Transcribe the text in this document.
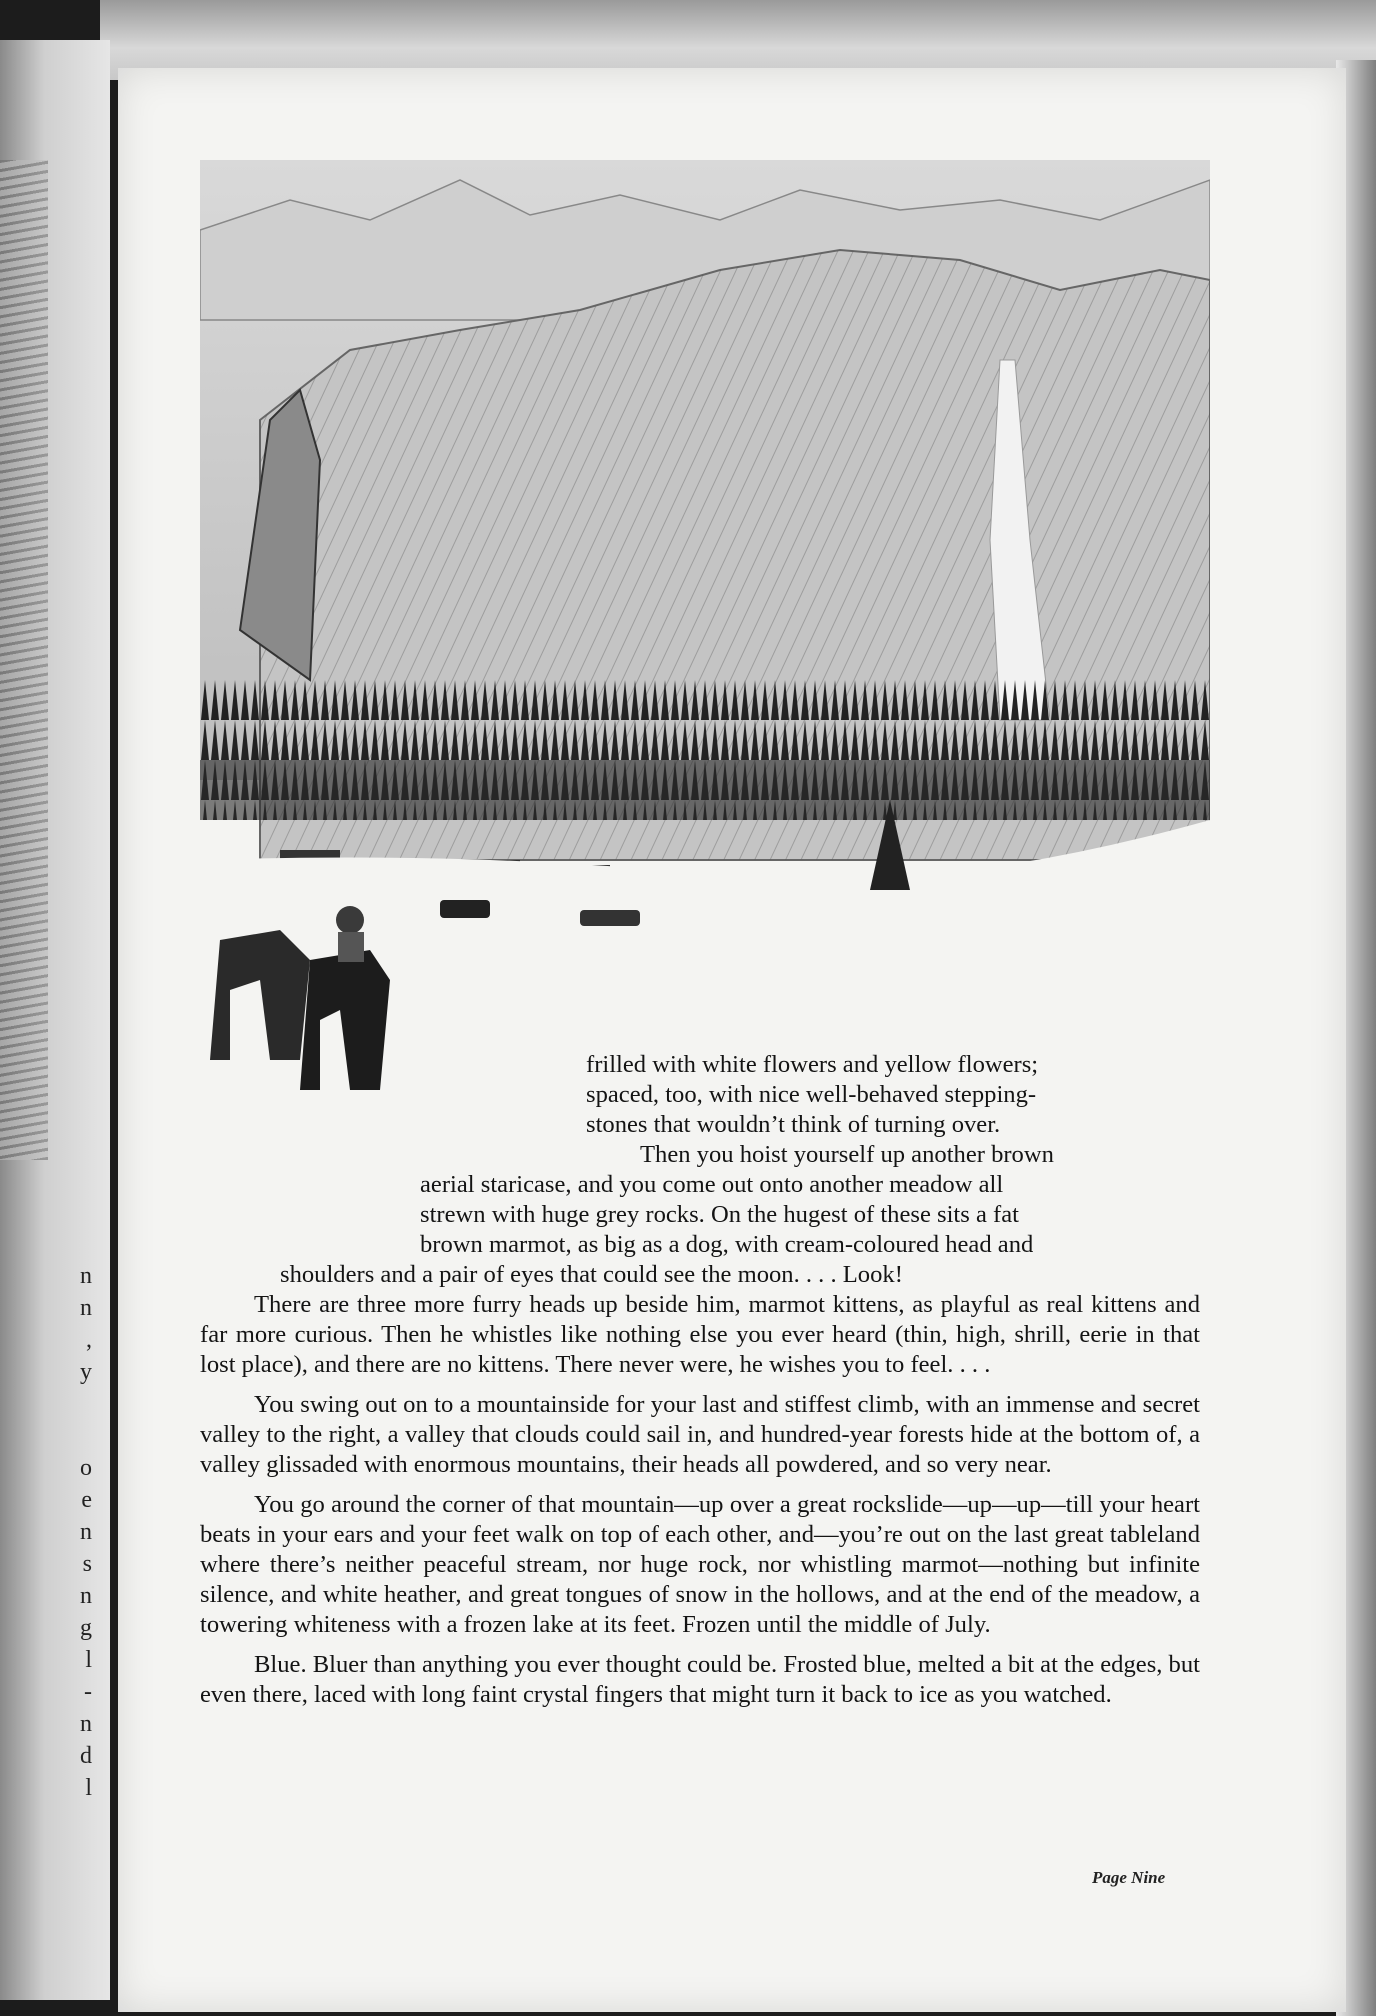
n
n
,
y

o
e
n
s
n
g
l
-
n
d
l

frilled with white flowers and yellow flowers;

spaced, too, with nice well-behaved stepping-

stones that wouldn’t think of turning over.

Then you hoist yourself up another brown

aerial staricase, and you come out onto another meadow all

strewn with huge grey rocks. On the hugest of these sits a fat

brown marmot, as big as a dog, with cream-coloured head and

shoulders and a pair of eyes that could see the moon. . . . Look!

There are three more furry heads up beside him, marmot kittens, as playful as real kittens and far more curious. Then he whistles like nothing else you ever heard (thin, high, shrill, eerie in that lost place), and there are no kittens. There never were, he wishes you to feel. . . .

You swing out on to a mountainside for your last and stiffest climb, with an immense and secret valley to the right, a valley that clouds could sail in, and hundred-year forests hide at the bottom of, a valley glissaded with enormous mountains, their heads all powdered, and so very near.

You go around the corner of that mountain—up over a great rockslide—up—up—till your heart beats in your ears and your feet walk on top of each other, and—you’re out on the last great tableland where there’s neither peaceful stream, nor huge rock, nor whistling marmot—nothing but infinite silence, and white heather, and great tongues of snow in the hollows, and at the end of the meadow, a towering whiteness with a frozen lake at its feet. Frozen until the middle of July.

Blue. Bluer than anything you ever thought could be. Frosted blue, melted a bit at the edges, but even there, laced with long faint crystal fingers that might turn it back to ice as you watched.

Page Nine
